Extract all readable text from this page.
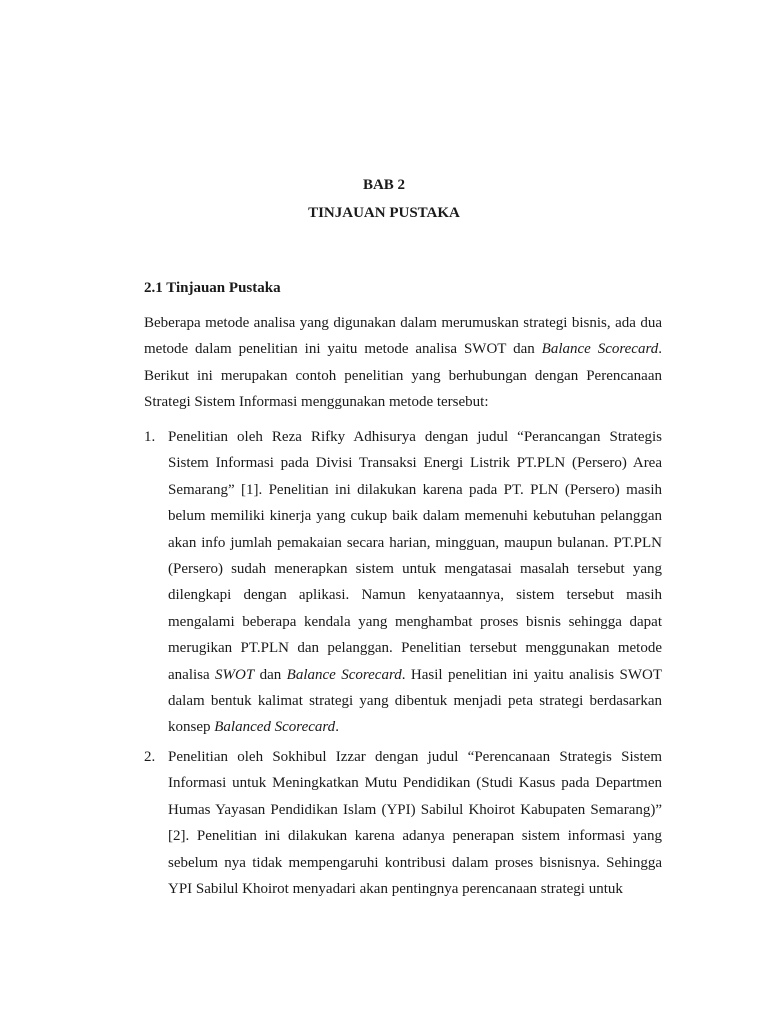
BAB 2
TINJAUAN PUSTAKA
2.1 Tinjauan Pustaka

Beberapa metode analisa yang digunakan dalam merumuskan strategi bisnis, ada dua metode dalam penelitian ini yaitu metode analisa SWOT dan Balance Scorecard. Berikut ini merupakan contoh penelitian yang berhubungan dengan Perencanaan Strategi Sistem Informasi menggunakan metode tersebut:

1. Penelitian oleh Reza Rifky Adhisurya dengan judul “Perancangan Strategis Sistem Informasi pada Divisi Transaksi Energi Listrik PT.PLN (Persero) Area Semarang” [1]. Penelitian ini dilakukan karena pada PT. PLN (Persero) masih belum memiliki kinerja yang cukup baik dalam memenuhi kebutuhan pelanggan akan info jumlah pemakaian secara harian, mingguan, maupun bulanan. PT.PLN (Persero) sudah menerapkan sistem untuk mengatasai masalah tersebut yang dilengkapi dengan aplikasi. Namun kenyataannya, sistem tersebut masih mengalami beberapa kendala yang menghambat proses bisnis sehingga dapat merugikan PT.PLN dan pelanggan. Penelitian tersebut menggunakan metode analisa SWOT dan Balance Scorecard. Hasil penelitian ini yaitu analisis SWOT dalam bentuk kalimat strategi yang dibentuk menjadi peta strategi berdasarkan konsep Balanced Scorecard.
2. Penelitian oleh Sokhibul Izzar dengan judul “Perencanaan Strategis Sistem Informasi untuk Meningkatkan Mutu Pendidikan (Studi Kasus pada Departmen Humas Yayasan Pendidikan Islam (YPI) Sabilul Khoirot Kabupaten Semarang)” [2]. Penelitian ini dilakukan karena adanya penerapan sistem informasi yang sebelum nya tidak mempengaruhi kontribusi dalam proses bisnisnya. Sehingga YPI Sabilul Khoirot menyadari akan pentingnya perencanaan strategi untuk
